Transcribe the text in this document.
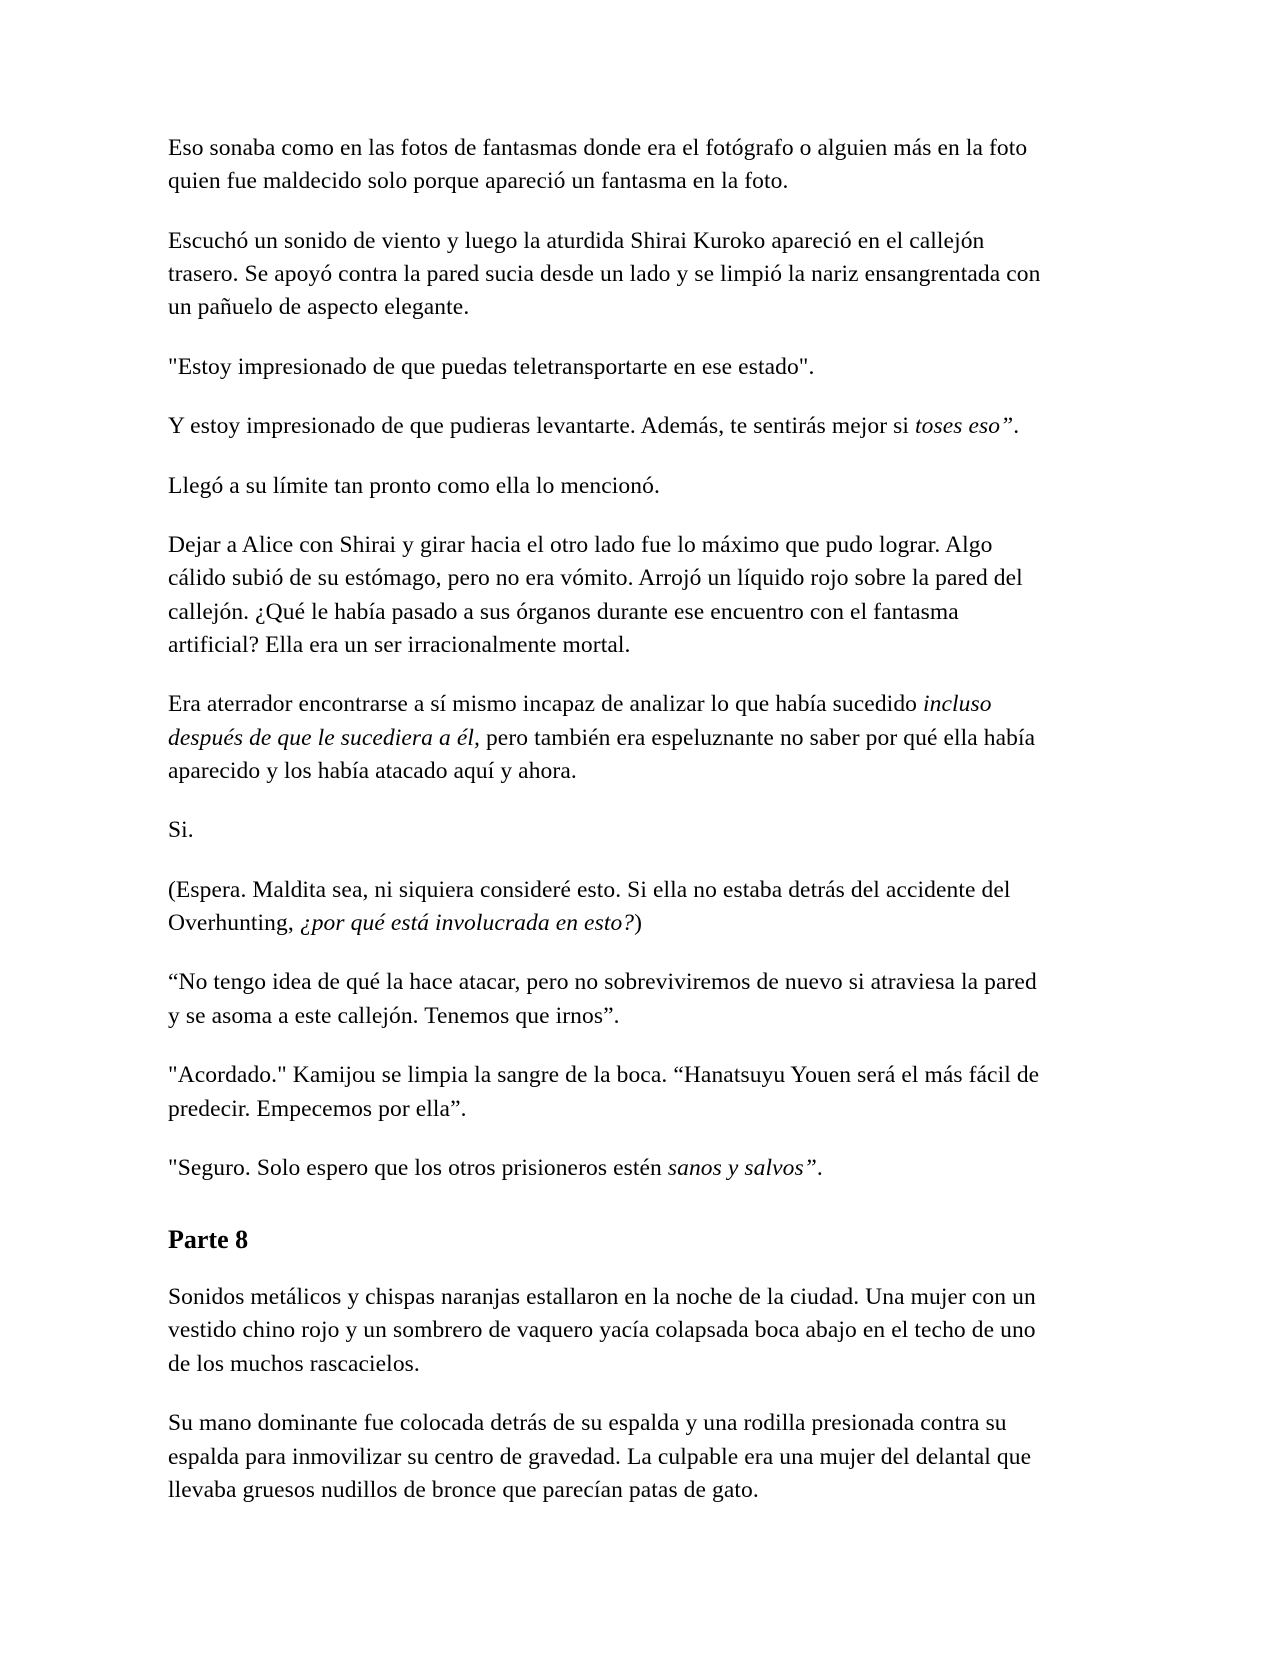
Eso sonaba como en las fotos de fantasmas donde era el fotógrafo o alguien más en la foto quien fue maldecido solo porque apareció un fantasma en la foto.

Escuchó un sonido de viento y luego la aturdida Shirai Kuroko apareció en el callejón trasero. Se apoyó contra la pared sucia desde un lado y se limpió la nariz ensangrentada con un pañuelo de aspecto elegante.

"Estoy impresionado de que puedas teletransportarte en ese estado".

Y estoy impresionado de que pudieras levantarte. Además, te sentirás mejor si toses eso”.

Llegó a su límite tan pronto como ella lo mencionó.

Dejar a Alice con Shirai y girar hacia el otro lado fue lo máximo que pudo lograr. Algo cálido subió de su estómago, pero no era vómito. Arrojó un líquido rojo sobre la pared del callejón. ¿Qué le había pasado a sus órganos durante ese encuentro con el fantasma artificial? Ella era un ser irracionalmente mortal.

Era aterrador encontrarse a sí mismo incapaz de analizar lo que había sucedido incluso después de que le sucediera a él, pero también era espeluznante no saber por qué ella había aparecido y los había atacado aquí y ahora.

Si.

(Espera. Maldita sea, ni siquiera consideré esto. Si ella no estaba detrás del accidente del Overhunting, ¿por qué está involucrada en esto?)

“No tengo idea de qué la hace atacar, pero no sobreviviremos de nuevo si atraviesa la pared y se asoma a este callejón. Tenemos que irnos”.

"Acordado." Kamijou se limpia la sangre de la boca. “Hanatsuyu Youen será el más fácil de predecir. Empecemos por ella”.

"Seguro. Solo espero que los otros prisioneros estén sanos y salvos”.

Parte 8

Sonidos metálicos y chispas naranjas estallaron en la noche de la ciudad. Una mujer con un vestido chino rojo y un sombrero de vaquero yacía colapsada boca abajo en el techo de uno de los muchos rascacielos.

Su mano dominante fue colocada detrás de su espalda y una rodilla presionada contra su espalda para inmovilizar su centro de gravedad. La culpable era una mujer del delantal que llevaba gruesos nudillos de bronce que parecían patas de gato.
